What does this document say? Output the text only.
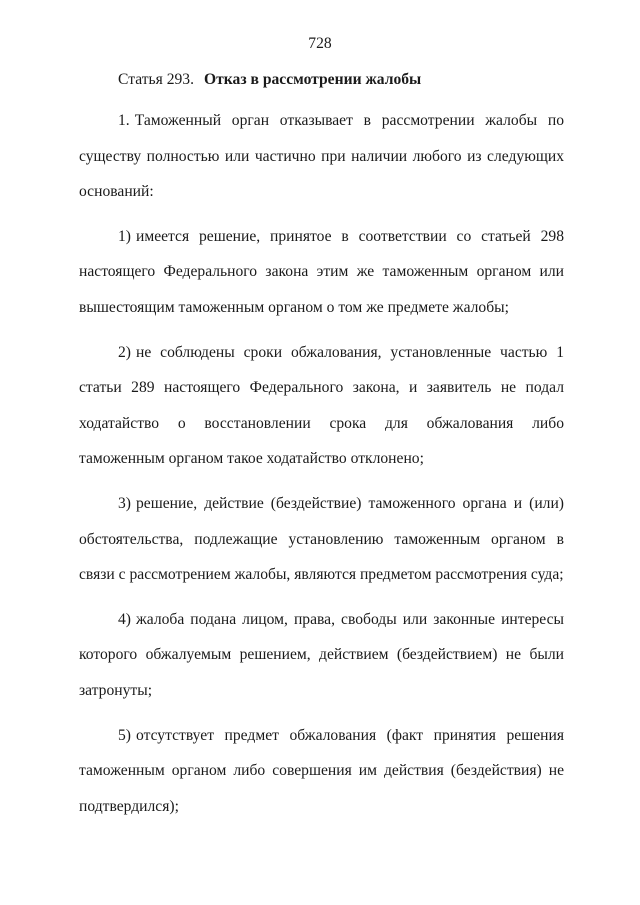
728
Статья 293. Отказ в рассмотрении жалобы

1. Таможенный орган отказывает в рассмотрении жалобы по существу полностью или частично при наличии любого из следующих оснований:

1) имеется решение, принятое в соответствии со статьей 298 настоящего Федерального закона этим же таможенным органом или вышестоящим таможенным органом о том же предмете жалобы;

2) не соблюдены сроки обжалования, установленные частью 1 статьи 289 настоящего Федерального закона, и заявитель не подал ходатайство о восстановлении срока для обжалования либо таможенным органом такое ходатайство отклонено;

3) решение, действие (бездействие) таможенного органа и (или) обстоятельства, подлежащие установлению таможенным органом в связи с рассмотрением жалобы, являются предметом рассмотрения суда;

4) жалоба подана лицом, права, свободы или законные интересы которого обжалуемым решением, действием (бездействием) не были затронуты;

5) отсутствует предмет обжалования (факт принятия решения таможенным органом либо совершения им действия (бездействия) не подтвердился);
